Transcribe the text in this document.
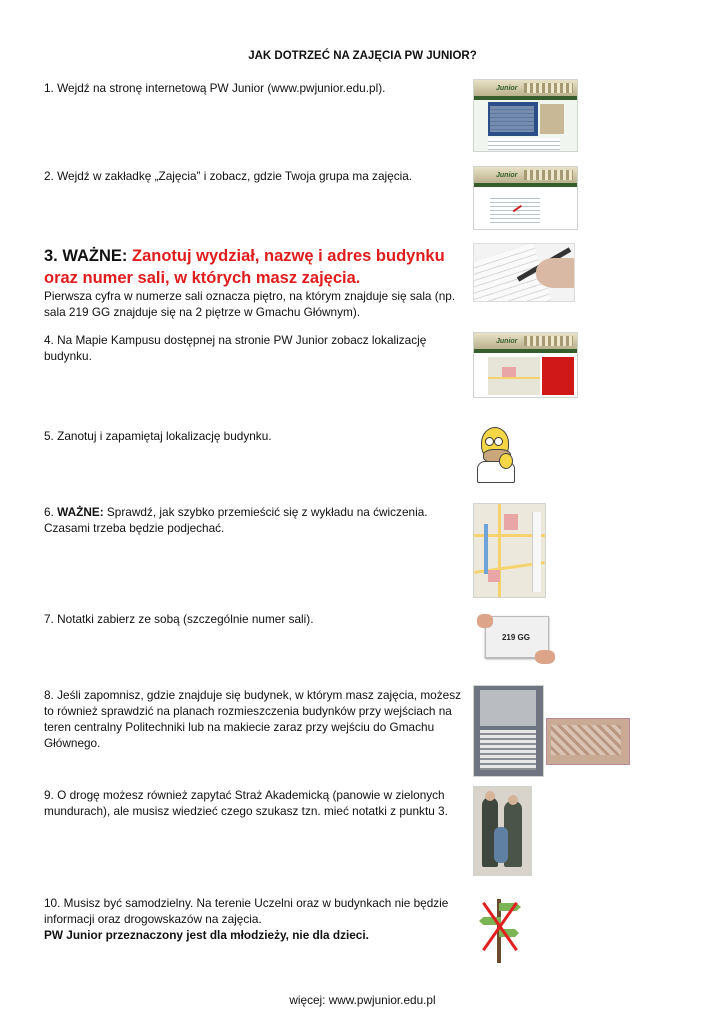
JAK DOTRZEĆ NA ZAJĘCIA PW JUNIOR?
1. Wejdź na stronę internetową PW Junior (www.pwjunior.edu.pl).	Junior
2. Wejdź w zakładkę „Zajęcia” i zobacz, gdzie Twoja grupa ma zajęcia.	Junior
3. WAŻNE: Zanotuj wydział, nazwę i adres budynku oraz numer sali, w których masz zajęcia.
Pierwsza cyfra w numerze sali oznacza piętro, na którym znajduje się sala (np. sala 219 GG znajduje się na 2 piętrze w Gmachu Głównym).
4. Na Mapie Kampusu dostępnej na stronie PW Junior zobacz lokalizację budynku.
Junior
5. Zanotuj i zapamiętaj lokalizację budynku.
6. WAŻNE: Sprawdź, jak szybko przemieścić się z wykładu na ćwiczenia. Czasami trzeba będzie podjechać.
7. Notatki zabierz ze sobą (szczególnie numer sali).
219 GG
8. Jeśli zapomnisz, gdzie znajduje się budynek, w którym masz zajęcia, możesz to również sprawdzić na planach rozmieszczenia budynków przy wejściach na teren centralny Politechniki lub na makiecie zaraz przy wejściu do Gmachu Głównego.
9. O drogę możesz również zapytać Straż Akademicką (panowie w zielonych mundurach), ale musisz wiedzieć czego szukasz tzn. mieć notatki z punktu 3.
10. Musisz być samodzielny. Na terenie Uczelni oraz w budynkach nie będzie informacji oraz drogowskazów na zajęcia.
PW Junior przeznaczony jest dla młodzieży, nie dla dzieci.
więcej: www.pwjunior.edu.pl
